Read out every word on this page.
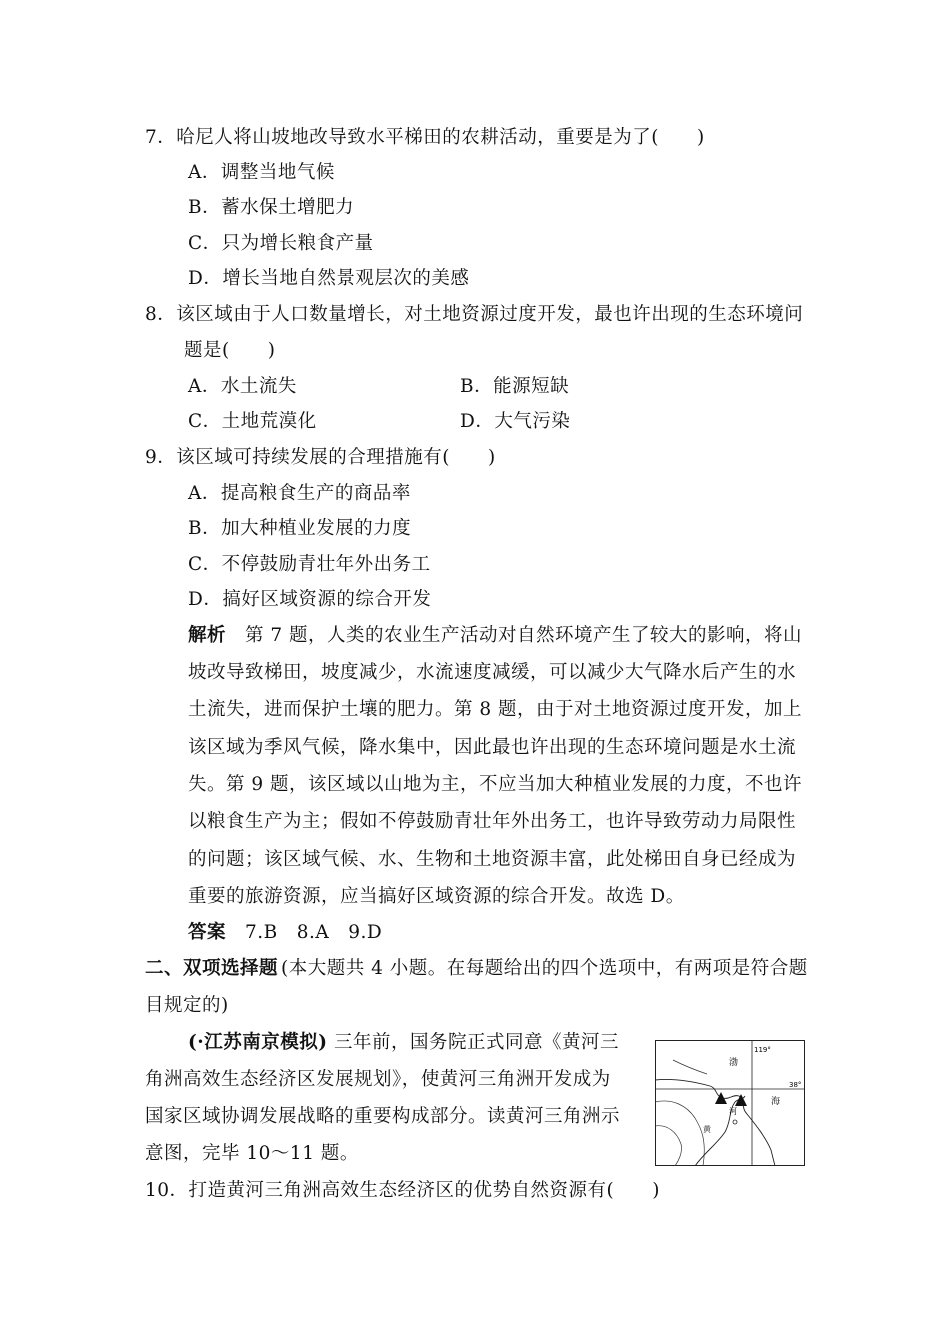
7．哈尼人将山坡地改导致水平梯田的农耕活动，重要是为了(　　)
A．调整当地气候
B．蓄水保土增肥力
C．只为增长粮食产量
D．增长当地自然景观层次的美感
8．该区域由于人口数量增长，对土地资源过度开发，最也许出现的生态环境问
题是(　　)
A．水土流失	B．能源短缺
C．土地荒漠化	D．大气污染
9．该区域可持续发展的合理措施有(　　)
A．提高粮食生产的商品率
B．加大种植业发展的力度
C．不停鼓励青壮年外出务工
D．搞好区域资源的综合开发
解析 第 7 题，人类的农业生产活动对自然环境产生了较大的影响，将山
坡改导致梯田，坡度减少，水流速度减缓，可以减少大气降水后产生的水
土流失，进而保护土壤的肥力。第 8 题，由于对土地资源过度开发，加上
该区域为季风气候，降水集中，因此最也许出现的生态环境问题是水土流
失。第 9 题，该区域以山地为主，不应当加大种植业发展的力度，不也许
以粮食生产为主；假如不停鼓励青壮年外出务工，也许导致劳动力局限性
的问题；该区域气候、水、生物和土地资源丰富，此处梯田自身已经成为
重要的旅游资源，应当搞好区域资源的综合开发。故选 D。
答案 7.B　8.A　9.D
二、双项选择题 (本大题共 4 小题。在每题给出的四个选项中，有两项是符合题
目规定的)
(·江苏南京模拟) 三年前，国务院正式同意《黄河三
角洲高效生态经济区发展规划》，使黄河三角洲开发成为
国家区域协调发展战略的重要构成部分。读黄河三角洲示
意图，完毕 10～11 题。
119°
38°
渤
海
河
黄
10．打造黄河三角洲高效生态经济区的优势自然资源有(　　)
